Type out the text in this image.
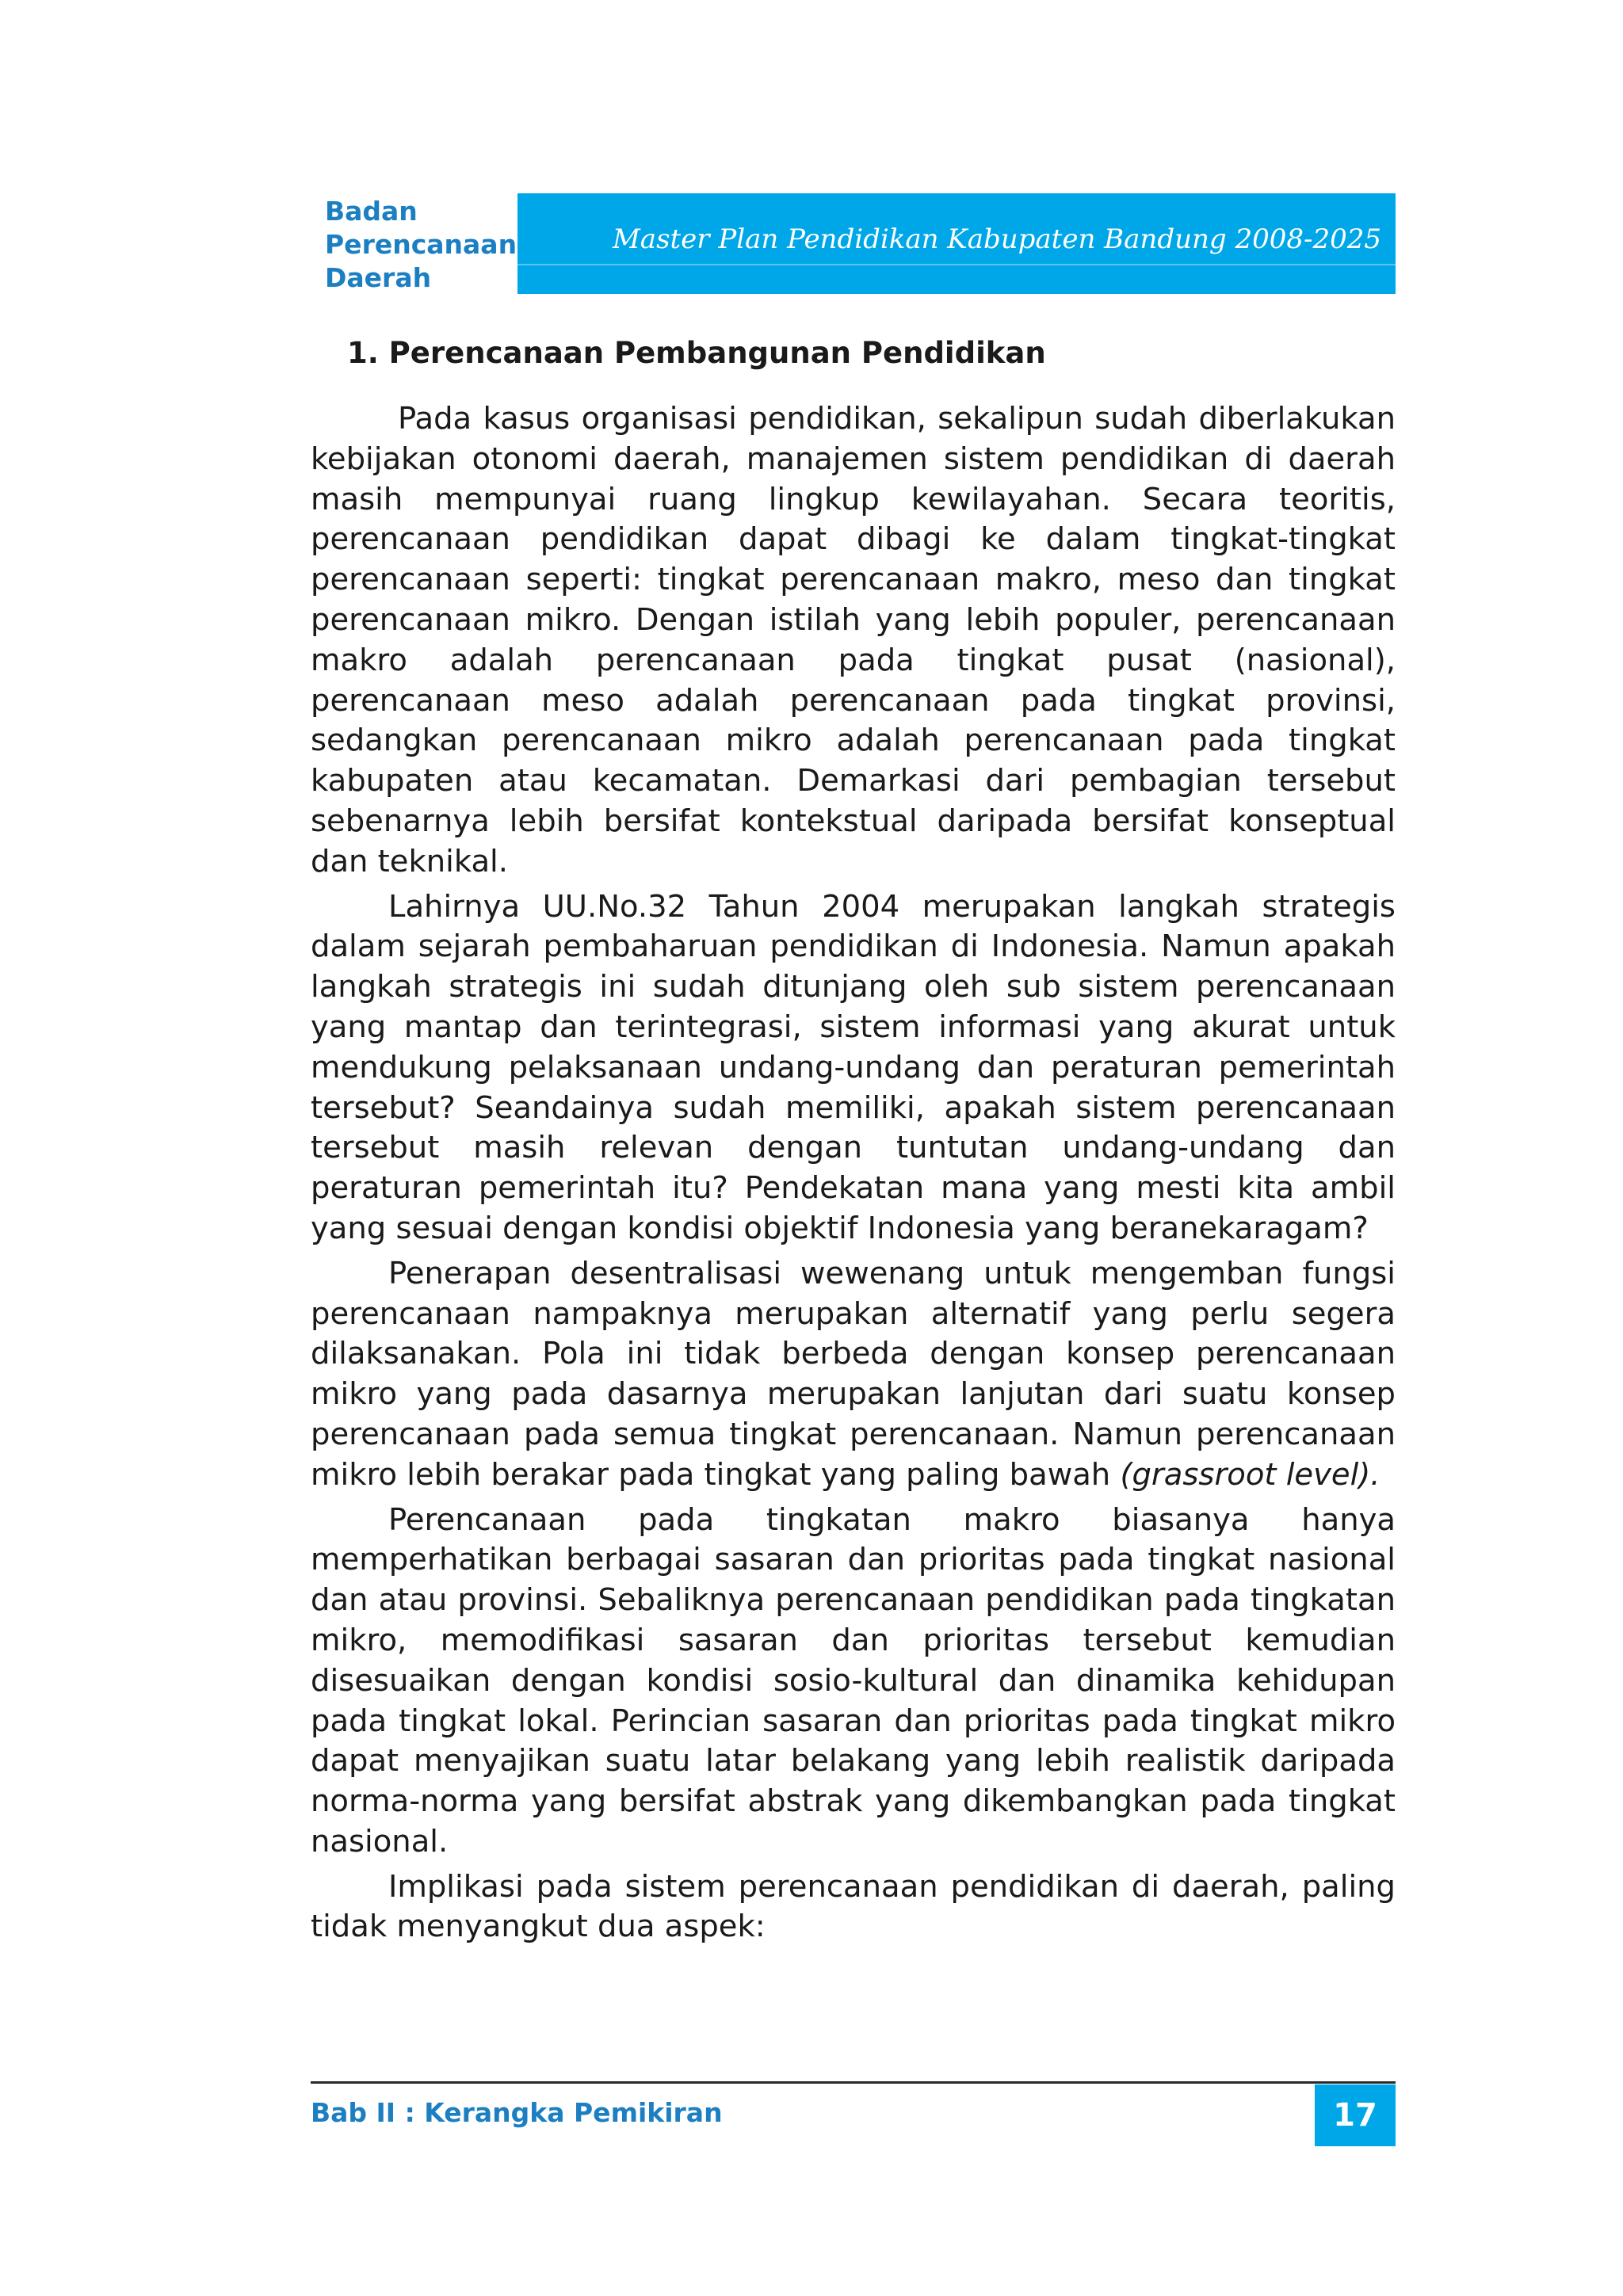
Badan
Perencanaan
Daerah
Master Plan Pendidikan Kabupaten Bandung 2008-2025
1. Perencanaan Pembangunan Pendidikan

Pada kasus organisasi pendidikan, sekalipun sudah diberlakukan kebijakan otonomi daerah, manajemen sistem pendidikan di daerah masih mempunyai ruang lingkup kewilayahan. Secara teoritis, perencanaan pendidikan dapat dibagi ke dalam tingkat-tingkat perencanaan seperti: tingkat perencanaan makro, meso dan tingkat perencanaan mikro. Dengan istilah yang lebih populer, perencanaan makro adalah perencanaan pada tingkat pusat (nasional), perencanaan meso adalah perencanaan pada tingkat provinsi, sedangkan perencanaan mikro adalah perencanaan pada tingkat kabupaten atau kecamatan. Demarkasi dari pembagian tersebut sebenarnya lebih bersifat kontekstual daripada bersifat konseptual dan teknikal.

Lahirnya UU.No.32 Tahun 2004 merupakan langkah strategis dalam sejarah pembaharuan pendidikan di Indonesia. Namun apakah langkah strategis ini sudah ditunjang oleh sub sistem perencanaan yang mantap dan terintegrasi, sistem informasi yang akurat untuk mendukung pelaksanaan undang-undang dan peraturan pemerintah tersebut? Seandainya sudah memiliki, apakah sistem perencanaan tersebut masih relevan dengan tuntutan undang-undang dan peraturan pemerintah itu? Pendekatan mana yang mesti kita ambil yang sesuai dengan kondisi objektif Indonesia yang beranekaragam?

Penerapan desentralisasi wewenang untuk mengemban fungsi perencanaan nampaknya merupakan alternatif yang perlu segera dilaksanakan. Pola ini tidak berbeda dengan konsep perencanaan mikro yang pada dasarnya merupakan lanjutan dari suatu konsep perencanaan pada semua tingkat perencanaan. Namun perencanaan mikro lebih berakar pada tingkat yang paling bawah (grassroot level).

Perencanaan pada tingkatan makro biasanya hanya memperhatikan berbagai sasaran dan prioritas pada tingkat nasional dan atau provinsi. Sebaliknya perencanaan pendidikan pada tingkatan mikro, memodifikasi sasaran dan prioritas tersebut kemudian disesuaikan dengan kondisi sosio-kultural dan dinamika kehidupan pada tingkat lokal. Perincian sasaran dan prioritas pada tingkat mikro dapat menyajikan suatu latar belakang yang lebih realistik daripada norma-norma yang bersifat abstrak yang dikembangkan pada tingkat nasional.

Implikasi pada sistem perencanaan pendidikan di daerah, paling tidak menyangkut dua aspek:

Bab II : Kerangka Pemikiran	17
